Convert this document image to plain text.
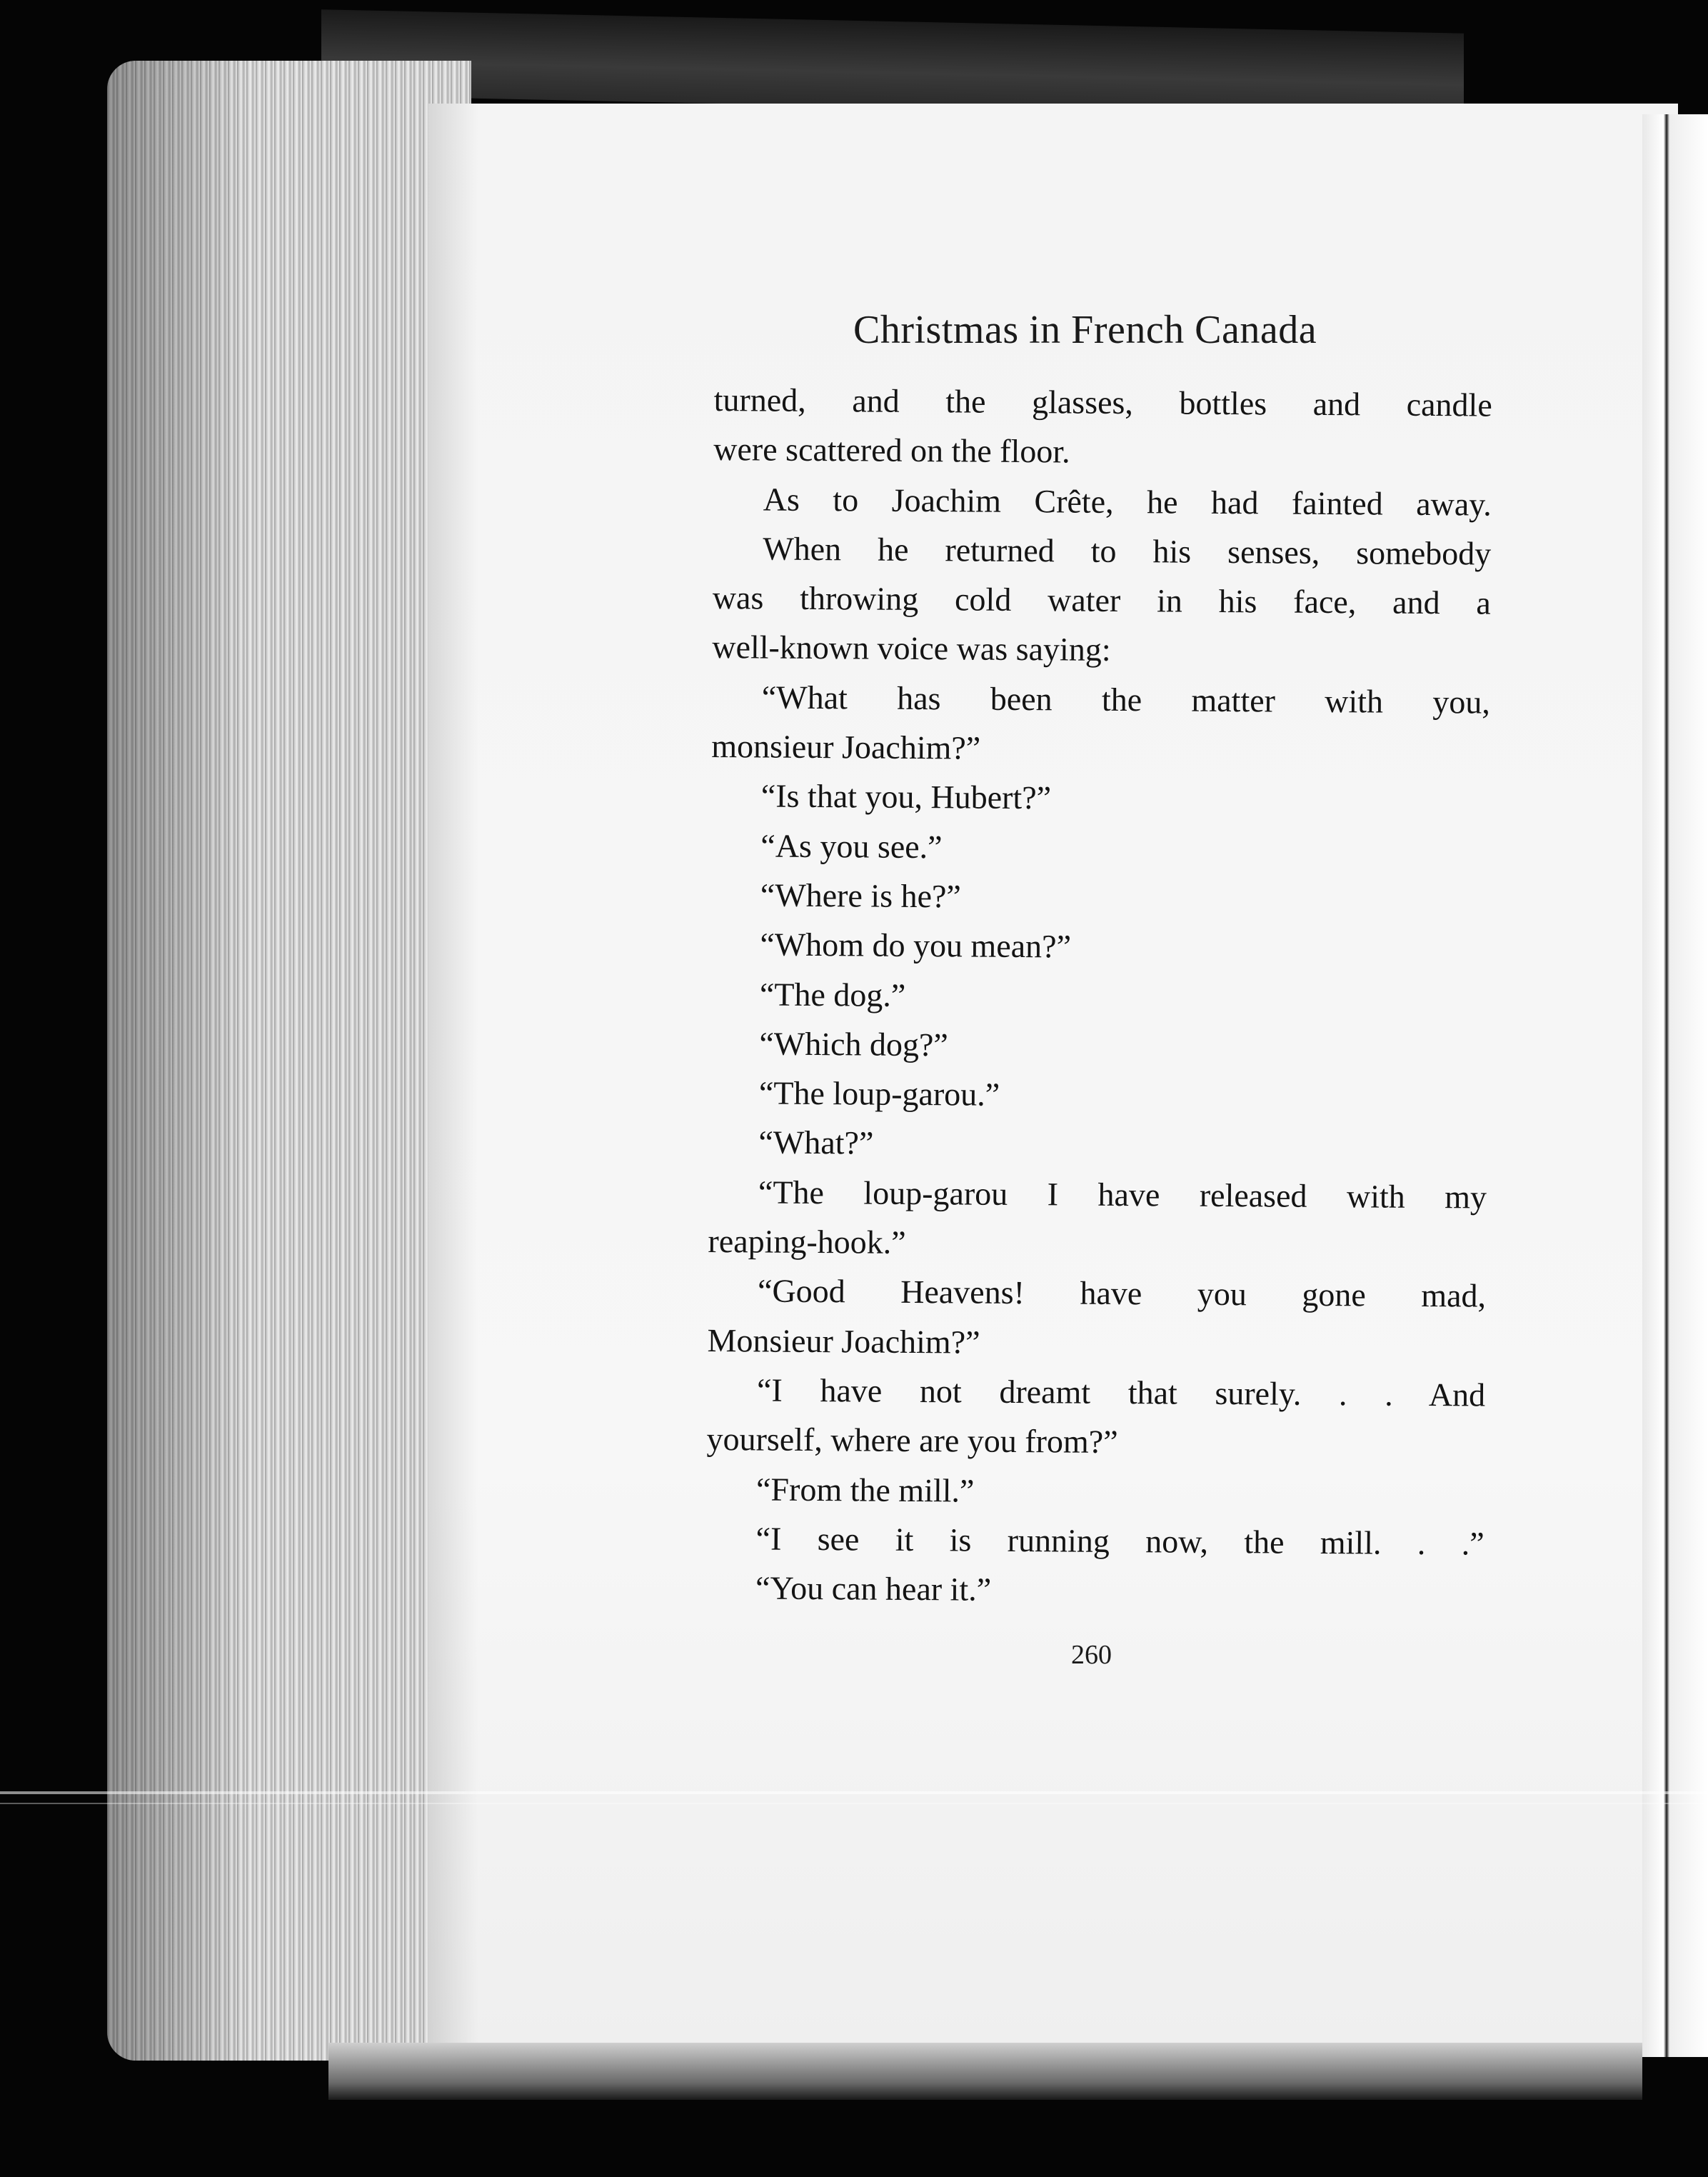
Christmas in French Canada
turned, and the glasses, bottles and candle
were scattered on the floor.
As to Joachim Crête, he had fainted away.
When he returned to his senses, somebody
was throwing cold water in his face, and a
well-known voice was saying:
“What has been the matter with you,
monsieur Joachim?”
“Is that you, Hubert?”
“As you see.”
“Where is he?”
“Whom do you mean?”
“The dog.”
“Which dog?”
“The loup-garou.”
“What?”
“The loup-garou I have released with my
reaping-hook.”
“Good Heavens! have you gone mad,
Monsieur Joachim?”
“I have not dreamt that surely. . . And
yourself, where are you from?”
“From the mill.”
“I see it is running now, the mill. . .”
“You can hear it.”
260
